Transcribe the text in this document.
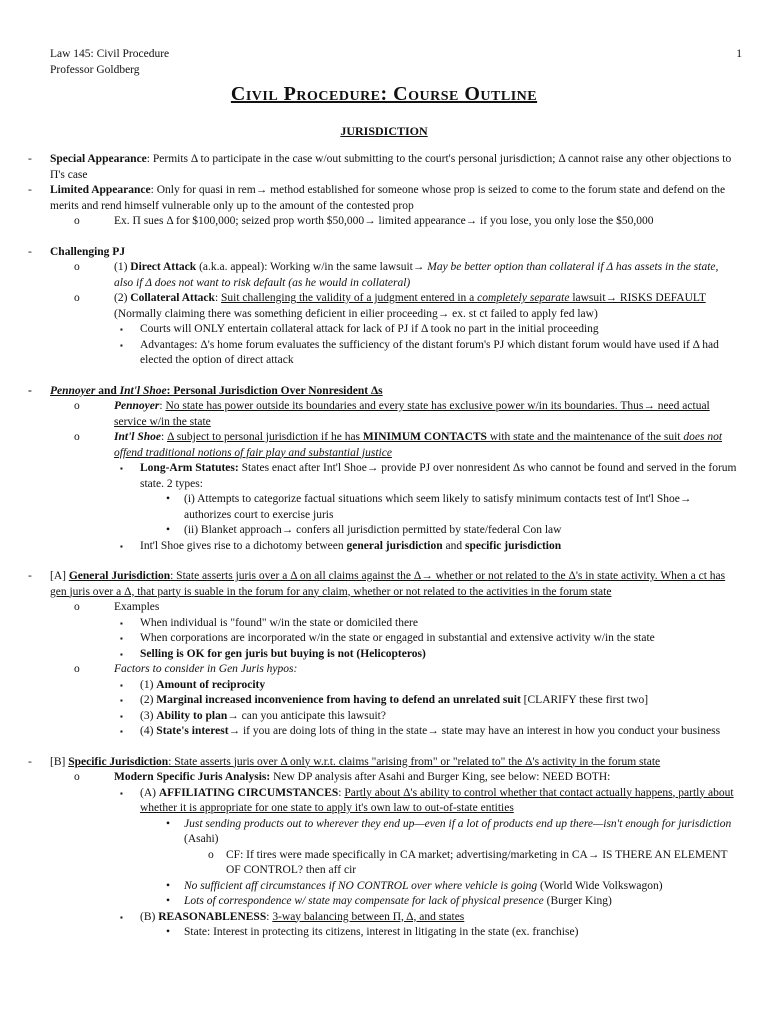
Law 145: Civil Procedure
Professor Goldberg
1
Civil Procedure: Course Outline
JURISDICTION
- Special Appearance: Permits Δ to participate in the case w/out submitting to the court's personal jurisdiction; Δ cannot raise any other objections to Π's case
- Limited Appearance: Only for quasi in rem→ method established for someone whose prop is seized to come to the forum state and defend on the merits and rend himself vulnerable only up to the amount of the contested prop
o	Ex. Π sues Δ for $100,000; seized prop worth $50,000→ limited appearance→ if you lose, you only lose the $50,000
- Challenging PJ
o	(1) Direct Attack (a.k.a. appeal): Working w/in the same lawsuit→ May be better option than collateral if Δ has assets in the state, also if Δ does not want to risk default (as he would in collateral)
o	(2) Collateral Attack: Suit challenging the validity of a judgment entered in a completely separate lawsuit→ RISKS DEFAULT (Normally claiming there was something deficient in eilier proceeding→ ex. st ct failed to apply fed law)
▪ Courts will ONLY entertain collateral attack for lack of PJ if Δ took no part in the initial proceeding
▪ Advantages: Δ's home forum evaluates the sufficiency of the distant forum's PJ which distant forum would have used if Δ had elected the option of direct attack
- Pennoyer and Int'l Shoe: Personal Jurisdiction Over Nonresident Δs
o	Pennoyer: No state has power outside its boundaries and every state has exclusive power w/in its boundaries. Thus→ need actual service w/in the state
o	Int'l Shoe: Δ subject to personal jurisdiction if he has MINIMUM CONTACTS with state and the maintenance of the suit does not offend traditional notions of fair play and substantial justice
▪ Long-Arm Statutes: States enact after Int'l Shoe→ provide PJ over nonresident Δs who cannot be found and served in the forum state. 2 types:
• (i) Attempts to categorize factual situations which seem likely to satisfy minimum contacts test of Int'l Shoe→ authorizes court to exercise juris
• (ii) Blanket approach→ confers all jurisdiction permitted by state/federal Con law
▪ Int'l Shoe gives rise to a dichotomy between general jurisdiction and specific jurisdiction
- [A] General Jurisdiction: State asserts juris over a Δ on all claims against the Δ→ whether or not related to the Δ's in state activity. When a ct has gen juris over a Δ, that party is suable in the forum for any claim, whether or not related to the activities in the forum state
o	Examples
▪ When individual is "found" w/in the state or domiciled there
▪ When corporations are incorporated w/in the state or engaged in substantial and extensive activity w/in the state
▪ Selling is OK for gen juris but buying is not (Helicopteros)
o	Factors to consider in Gen Juris hypos:
▪ (1) Amount of reciprocity
▪ (2) Marginal increased inconvenience from having to defend an unrelated suit [CLARIFY these first two]
▪ (3) Ability to plan→ can you anticipate this lawsuit?
▪ (4) State's interest→ if you are doing lots of thing in the state→ state may have an interest in how you conduct your business
- [B] Specific Jurisdiction: State asserts juris over Δ only w.r.t. claims "arising from" or "related to" the Δ's activity in the forum state
o	Modern Specific Juris Analysis: New DP analysis after Asahi and Burger King, see below: NEED BOTH:
▪ (A) AFFILIATING CIRCUMSTANCES: Partly about Δ's ability to control whether that contact actually happens, partly about whether it is appropriate for one state to apply it's own law to out-of-state entities
• Just sending products out to wherever they end up—even if a lot of products end up there—isn't enough for jurisdiction (Asahi)
o CF: If tires were made specifically in CA market; advertising/marketing in CA→ IS THERE AN ELEMENT OF CONTROL? then aff cir
• No sufficient aff circumstances if NO CONTROL over where vehicle is going (World Wide Volkswagon)
• Lots of correspondence w/ state may compensate for lack of physical presence (Burger King)
▪ (B) REASONABLENESS: 3-way balancing between Π, Δ, and states
• State: Interest in protecting its citizens, interest in litigating in the state (ex. franchise)
